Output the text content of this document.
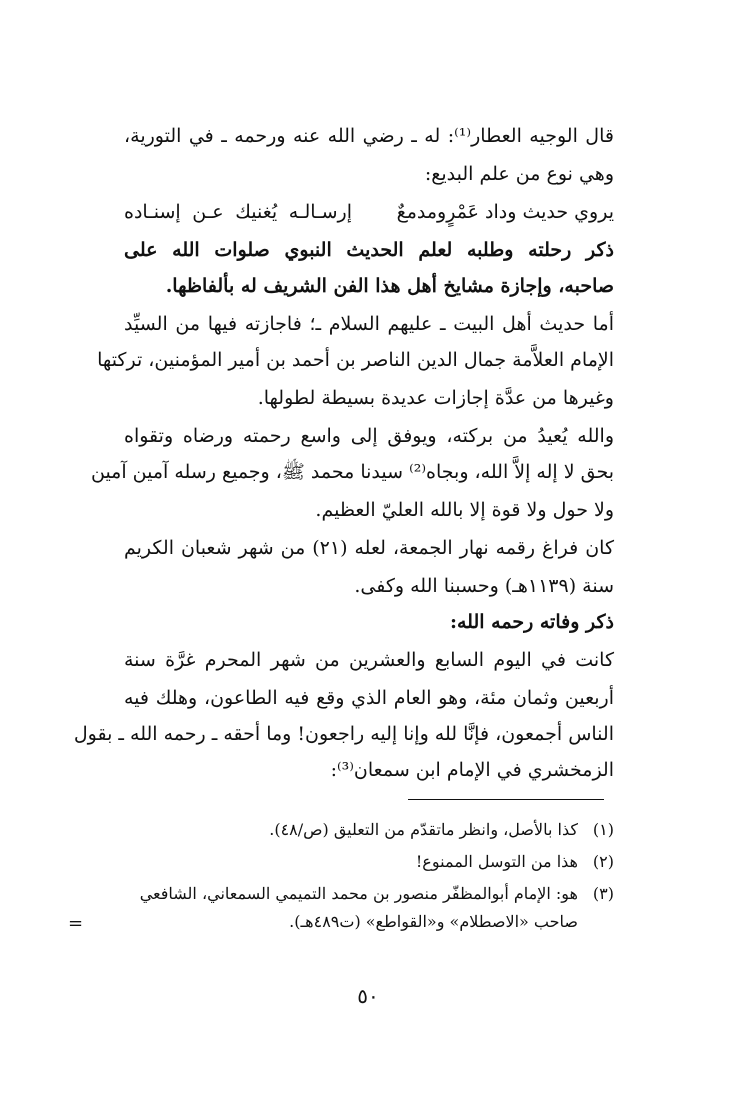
قال الوجيه العطار⁽¹⁾: له ـ رضي الله عنه ورحمه ـ في التورية،
وهي نوع من علم البديع:
يروي حديث وداد عَمْرٍومدمعٌ
إرسـالـه يُغنيك عـن إسنـاده
ذكر رحلته وطلبه لعلم الحديث النبوي صلوات الله على
صاحبه، وإجازة مشايخ أهل هذا الفن الشريف له بألفاظها.
أما حديث أهل البيت ـ عليهم السلام ـ؛ فاجازته فيها من السيِّد
الإمام العلاَّمة جمال الدين الناصر بن أحمد بن أمير المؤمنين، تركتها
وغيرها من عدَّة إجازات عديدة بسيطة لطولها.
والله يُعيدُ من بركته، ويوفق إلى واسع رحمته ورضاه وتقواه
بحق لا إله إلاَّ الله، وبجاه⁽²⁾ سيدنا محمد ﷺ، وجميع رسله آمين آمين
ولا حول ولا قوة إلا بالله العليّ العظيم.
كان فراغ رقمه نهار الجمعة، لعله (٢١) من شهر شعبان الكريم
سنة (١١٣٩هـ) وحسبنا الله وكفى.
ذكر وفاته رحمه الله:
كانت في اليوم السابع والعشرين من شهر المحرم غرَّة سنة
أربعين وثمان مئة، وهو العام الذي وقع فيه الطاعون، وهلك فيه
الناس أجمعون، فإنَّا لله وإنا إليه راجعون! وما أحقه ـ رحمه الله ـ بقول
الزمخشري في الإمام ابن سمعان⁽³⁾:
(١)كذا بالأصل، وانظر ماتقدّم من التعليق (ص/٤٨).
(٢)هذا من التوسل الممنوع!
(٣)هو: الإمام أبوالمظفّر منصور بن محمد التميمي السمعاني، الشافعي
صاحب «الاصطلام» و«القواطع» (ت٤٨٩هـ).
=
٥٠
